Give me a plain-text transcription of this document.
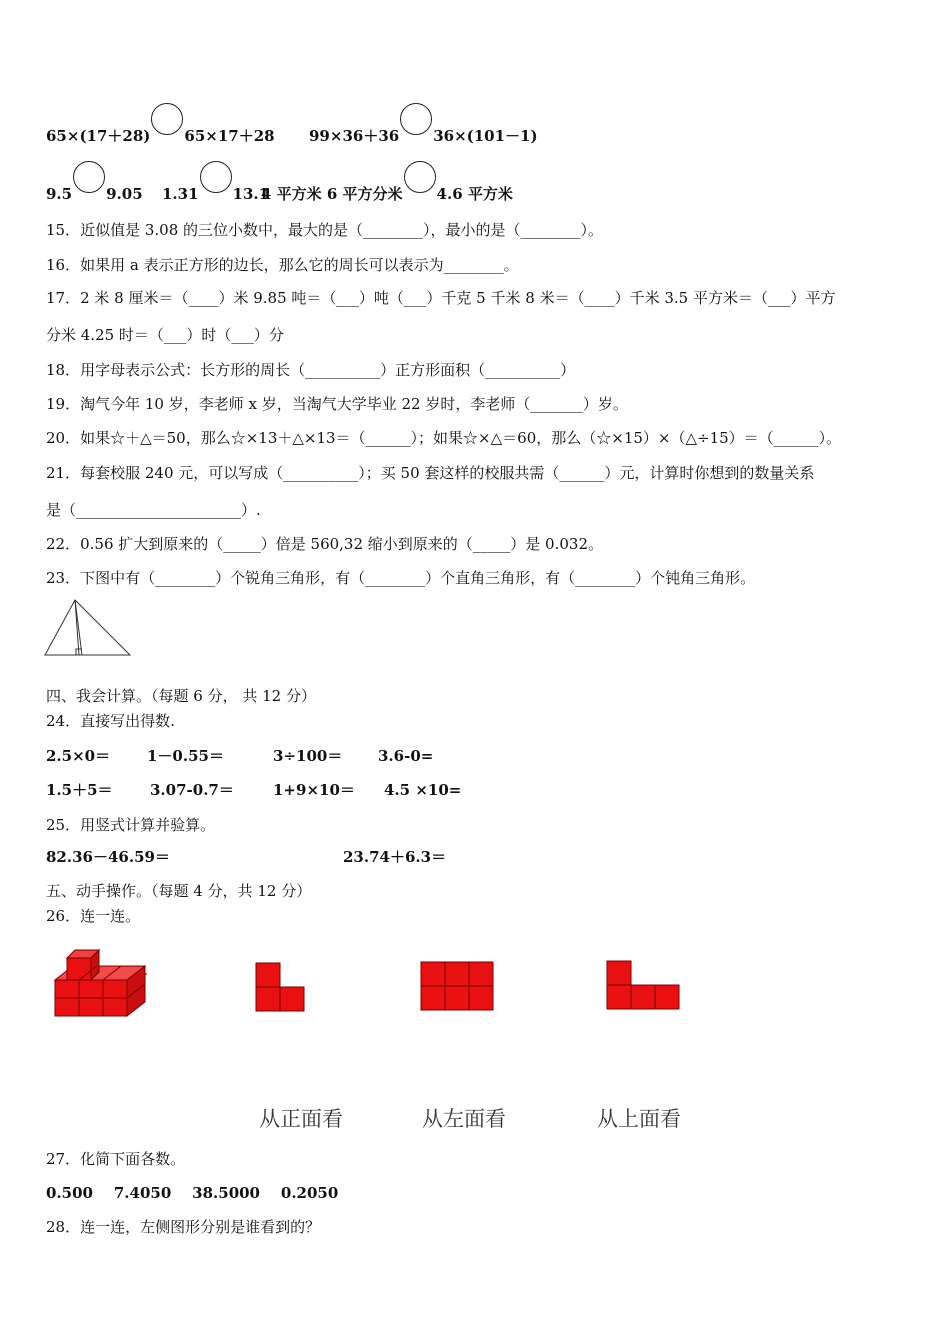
65×(17＋28) 65×17＋28 99×36＋36 36×(101－1)
9.5 9.05 1.31 13.1
4 平方米 6 平方分米 4.6 平方米
15．近似值是 3.08 的三位小数中，最大的是（________），最小的是（________）。
16．如果用 a 表示正方形的边长，那么它的周长可以表示为________。
17．2 米 8 厘米＝（____）米 9.85 吨＝（___）吨（___）千克 5 千米 8 米＝（____）千米 3.5 平方米＝（___）平方
分米 4.25 时＝（___）时（___）分
18．用字母表示公式：长方形的周长（__________）正方形面积（__________）
19．淘气今年 10 岁，李老师 x 岁，当淘气大学毕业 22 岁时，李老师（_______）岁。
20．如果☆＋△＝50，那么☆×13＋△×13＝（______）；如果☆×△＝60，那么（☆×15）×（△÷15）＝（______）。
21．每套校服 240 元，可以写成（__________）；买 50 套这样的校服共需（______）元，计算时你想到的数量关系
是（______________________）.
22．0.56 扩大到原来的（_____）倍是 560,32 缩小到原来的（_____）是 0.032。
23．下图中有（________）个锐角三角形，有（________）个直角三角形，有（________）个钝角三角形。
四、我会计算。（每题 6 分， 共 12 分）
24．直接写出得数.
2.5×0＝ 1－0.55＝	3÷100＝ 3.6-0=
1.5＋5＝ 3.07-0.7＝	1+9×10＝ 4.5 ×10=
25．用竖式计算并验算。
82.36－46.59＝	23.74＋6.3＝
五、动手操作。（每题 4 分，共 12 分）
26．连一连。
从正面看	从左面看	从上面看
27．化简下面各数。
0.500    7.4050    38.5000    0.2050
28．连一连，左侧图形分别是谁看到的？
